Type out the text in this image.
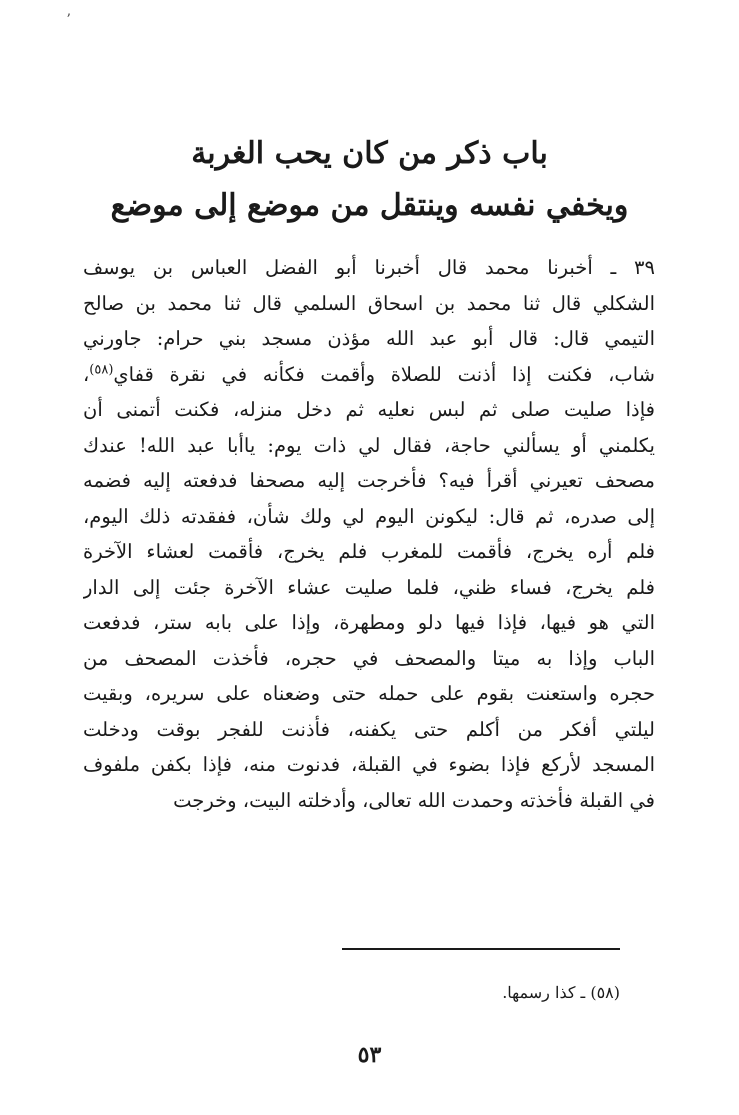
ʼ
باب ذكر من كان يحب الغربة
ويخفي نفسه وينتقل من موضع إلى موضع
٣٩ ـ أخبرنا محمد قال أخبرنا أبو الفضل العباس بن يوسف
الشكلي قال ثنا محمد بن اسحاق السلمي قال ثنا محمد بن صالح
التيمي قال: قال أبو عبد الله مؤذن مسجد بني حرام: جاورني
شاب، فكنت إذا أذنت للصلاة وأقمت فكأنه في نقرة قفاي$^{(٥٨)}$،
فإذا صليت صلى ثم لبس نعليه ثم دخل منزله، فكنت أتمنى أن
يكلمني أو يسألني حاجة، فقال لي ذات يوم: ياأبا عبد الله! عندك
مصحف تعيرني أقرأ فيه؟ فأخرجت إليه مصحفا فدفعته إليه فضمه
إلى صدره، ثم قال: ليكونن اليوم لي ولك شأن، ففقدته ذلك اليوم،
فلم أره يخرج، فأقمت للمغرب فلم يخرج، فأقمت لعشاء الآخرة
فلم يخرج، فساء ظني، فلما صليت عشاء الآخرة جئت إلى الدار
التي هو فيها، فإذا فيها دلو ومطهرة، وإذا على بابه ستر، فدفعت
الباب وإذا به ميتا والمصحف في حجره، فأخذت المصحف من
حجره واستعنت بقوم على حمله حتى وضعناه على سريره، وبقيت
ليلتي أفكر من أكلم حتى يكفنه، فأذنت للفجر بوقت ودخلت
المسجد لأركع فإذا بضوء في القبلة، فدنوت منه، فإذا بكفن ملفوف
في القبلة فأخذته وحمدت الله تعالى، وأدخلته البيت، وخرجت
(٥٨) ـ كذا رسمها.
٥٣
